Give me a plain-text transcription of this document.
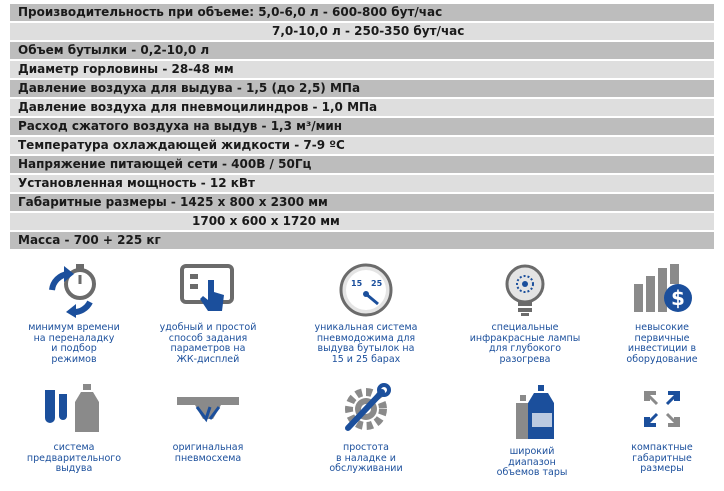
Производительность при объеме: 5,0-6,0 л - 600-800 бут/час
7,0-10,0 л - 250-350 бут/час
Объем бутылки - 0,2-10,0 л
Диаметр горловины - 28-48 мм
Давление воздуха для выдува - 1,5 (до 2,5) МПа
Давление воздуха для пневмоцилиндров - 1,0 МПа
Расход сжатого воздуха на выдув - 1,3 м³/мин
Температура охлаждающей жидкости - 7-9 ºC
Напряжение питающей сети - 400В / 50Гц
Установленная мощность - 12 кВт
Габаритные размеры - 1425 х 800 х 2300 мм
1700 х 600 х 1720 мм
Масса - 700 + 225 кг
минимум времени
на переналадку
и подбор
режимов
удобный и простой
способ задания
параметров на
ЖК-дисплей
15 25
уникальная система
пневмодожима для
выдува бутылок на
15 и 25 барах
специальные
инфракрасные лампы
для глубокого
разогрева
$
невысокие
первичные
инвестиции в
оборудование
система
предварительного
выдува
оригинальная
пневмосхема
простота
в наладке и
обслуживании
широкий
диапазон
объемов тары
компактные
габаритные
размеры
